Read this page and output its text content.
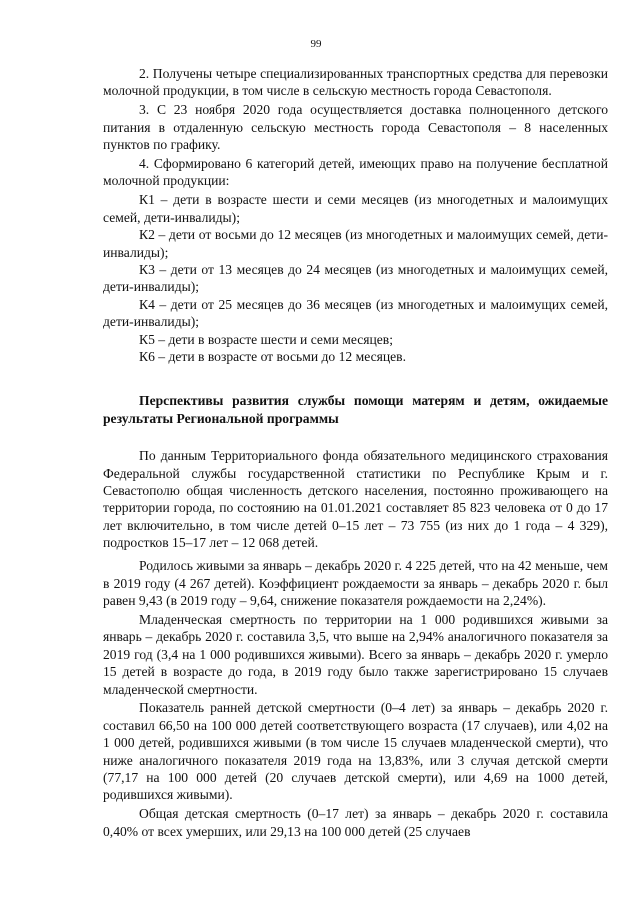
99

2. Получены четыре специализированных транспортных средства для перевозки молочной продукции, в том числе в сельскую местность города Севастополя.

3. С 23 ноября 2020 года осуществляется доставка полноценного детского питания в отдаленную сельскую местность города Севастополя – 8 населенных пунктов по графику.

4. Сформировано 6 категорий детей, имеющих право на получение бесплатной молочной продукции:

К1 – дети в возрасте шести и семи месяцев (из многодетных и малоимущих семей, дети-инвалиды);

К2 – дети от восьми до 12 месяцев (из многодетных и малоимущих семей, дети-инвалиды);

К3 – дети от 13 месяцев до 24 месяцев (из многодетных и малоимущих семей, дети-инвалиды);

К4 – дети от 25 месяцев до 36 месяцев (из многодетных и малоимущих семей, дети-инвалиды);

К5 – дети в возрасте шести и семи месяцев;

К6 – дети в возрасте от восьми до 12 месяцев.

Перспективы развития службы помощи матерям и детям, ожидаемые результаты Региональной программы

По данным Территориального фонда обязательного медицинского страхования Федеральной службы государственной статистики по Республике Крым и г. Севастополю общая численность детского населения, постоянно проживающего на территории города, по состоянию на 01.01.2021 составляет 85 823 человека от 0 до 17 лет включительно, в том числе детей 0–15 лет – 73 755 (из них до 1 года – 4 329), подростков 15–17 лет – 12 068 детей.

Родилось живыми за январь – декабрь 2020 г. 4 225 детей, что на 42 меньше, чем в 2019 году (4 267 детей). Коэффициент рождаемости за январь – декабрь 2020 г. был равен 9,43 (в 2019 году – 9,64, снижение показателя рождаемости на 2,24%).

Младенческая смертность по территории на 1 000 родившихся живыми за январь – декабрь 2020 г. составила 3,5, что выше на 2,94% аналогичного показателя за 2019 год (3,4 на 1 000 родившихся живыми). Всего за январь – декабрь 2020 г. умерло 15 детей в возрасте до года, в 2019 году было также зарегистрировано 15 случаев младенческой смертности.

Показатель ранней детской смертности (0–4 лет) за январь – декабрь 2020 г. составил 66,50 на 100 000 детей соответствующего возраста (17 случаев), или 4,02 на 1 000 детей, родившихся живыми (в том числе 15 случаев младенческой смерти), что ниже аналогичного показателя 2019 года на 13,83%, или 3 случая детской смерти (77,17 на 100 000 детей (20 случаев детской смерти), или 4,69 на 1000 детей, родившихся живыми).

Общая детская смертность (0–17 лет) за январь – декабрь 2020 г. составила 0,40% от всех умерших, или 29,13 на 100 000 детей (25 случаев
